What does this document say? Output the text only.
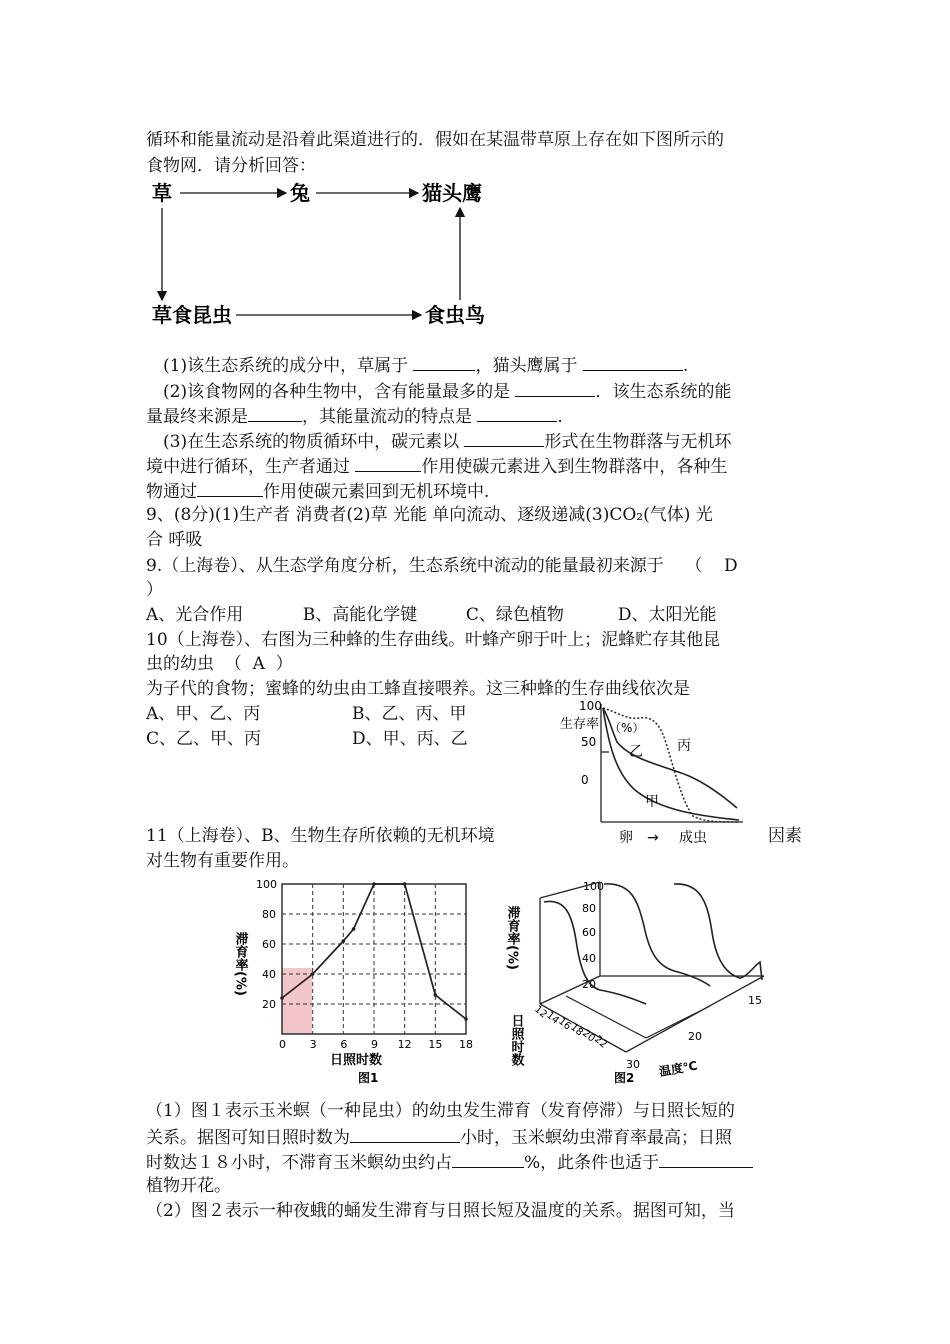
循环和能量流动是沿着此渠道进行的．假如在某温带草原上存在如下图所示的
食物网．请分析回答：
草	兔	猫头鹰
草食昆虫	食虫鸟
(1)该生态系统的成分中，草属于	，猫头鹰属于	.
(2)该食物网的各种生物中，含有能量最多的是	．该生态系统的能
量最终来源是	，其能量流动的特点是	.
(3)在生态系统的物质循环中，碳元素以	形式在生物群落与无机环
境中进行循环，生产者通过	作用使碳元素进入到生物群落中，各种生
物通过	作用使碳元素回到无机环境中.
9、(8分)(1)生产者 消费者(2)草 光能 单向流动、逐级递减(3)CO₂(气体) 光
合 呼吸
9.（上海卷）、从生态学角度分析，生态系统中流动的能量最初来源于    （    D
）
A、光合作用           B、高能化学键         C、绿色植物          D、太阳光能
10（上海卷）、右图为三种蜂的生存曲线。叶蜂产卵于叶上；泥蜂贮存其他昆
虫的幼虫  （  A  ）
为子代的食物；蜜蜂的幼虫由工蜂直接喂养。这三种蜂的生存曲线依次是
A、甲、乙、丙	B、乙、丙、甲
C、乙、甲、丙	D、甲、丙、乙
100
生存率 （%）
50
0
乙 丙
甲
卵 → 成虫
11（上海卷）、B、生物生存所依赖的无机环境	因素
对生物有重要作用。
0 3 6 9 12 15 18
20
40
60
80
100
滞育率(%)
日照时数
图1
滞育率(%)
100
80
60
40
20
12
14
16
18
20
22
日照时数	30
20
15
温度℃
图2
（1）图１表示玉米螟（一种昆虫）的幼虫发生滞育（发育停滞）与日照长短的
关系。据图可知日照时数为	小时，玉米螟幼虫滞育率最高；日照
时数达１８小时，不滞育玉米螟幼虫约占	%，此条件也适于
植物开花。
（2）图２表示一种夜蛾的蛹发生滞育与日照长短及温度的关系。据图可知，当
